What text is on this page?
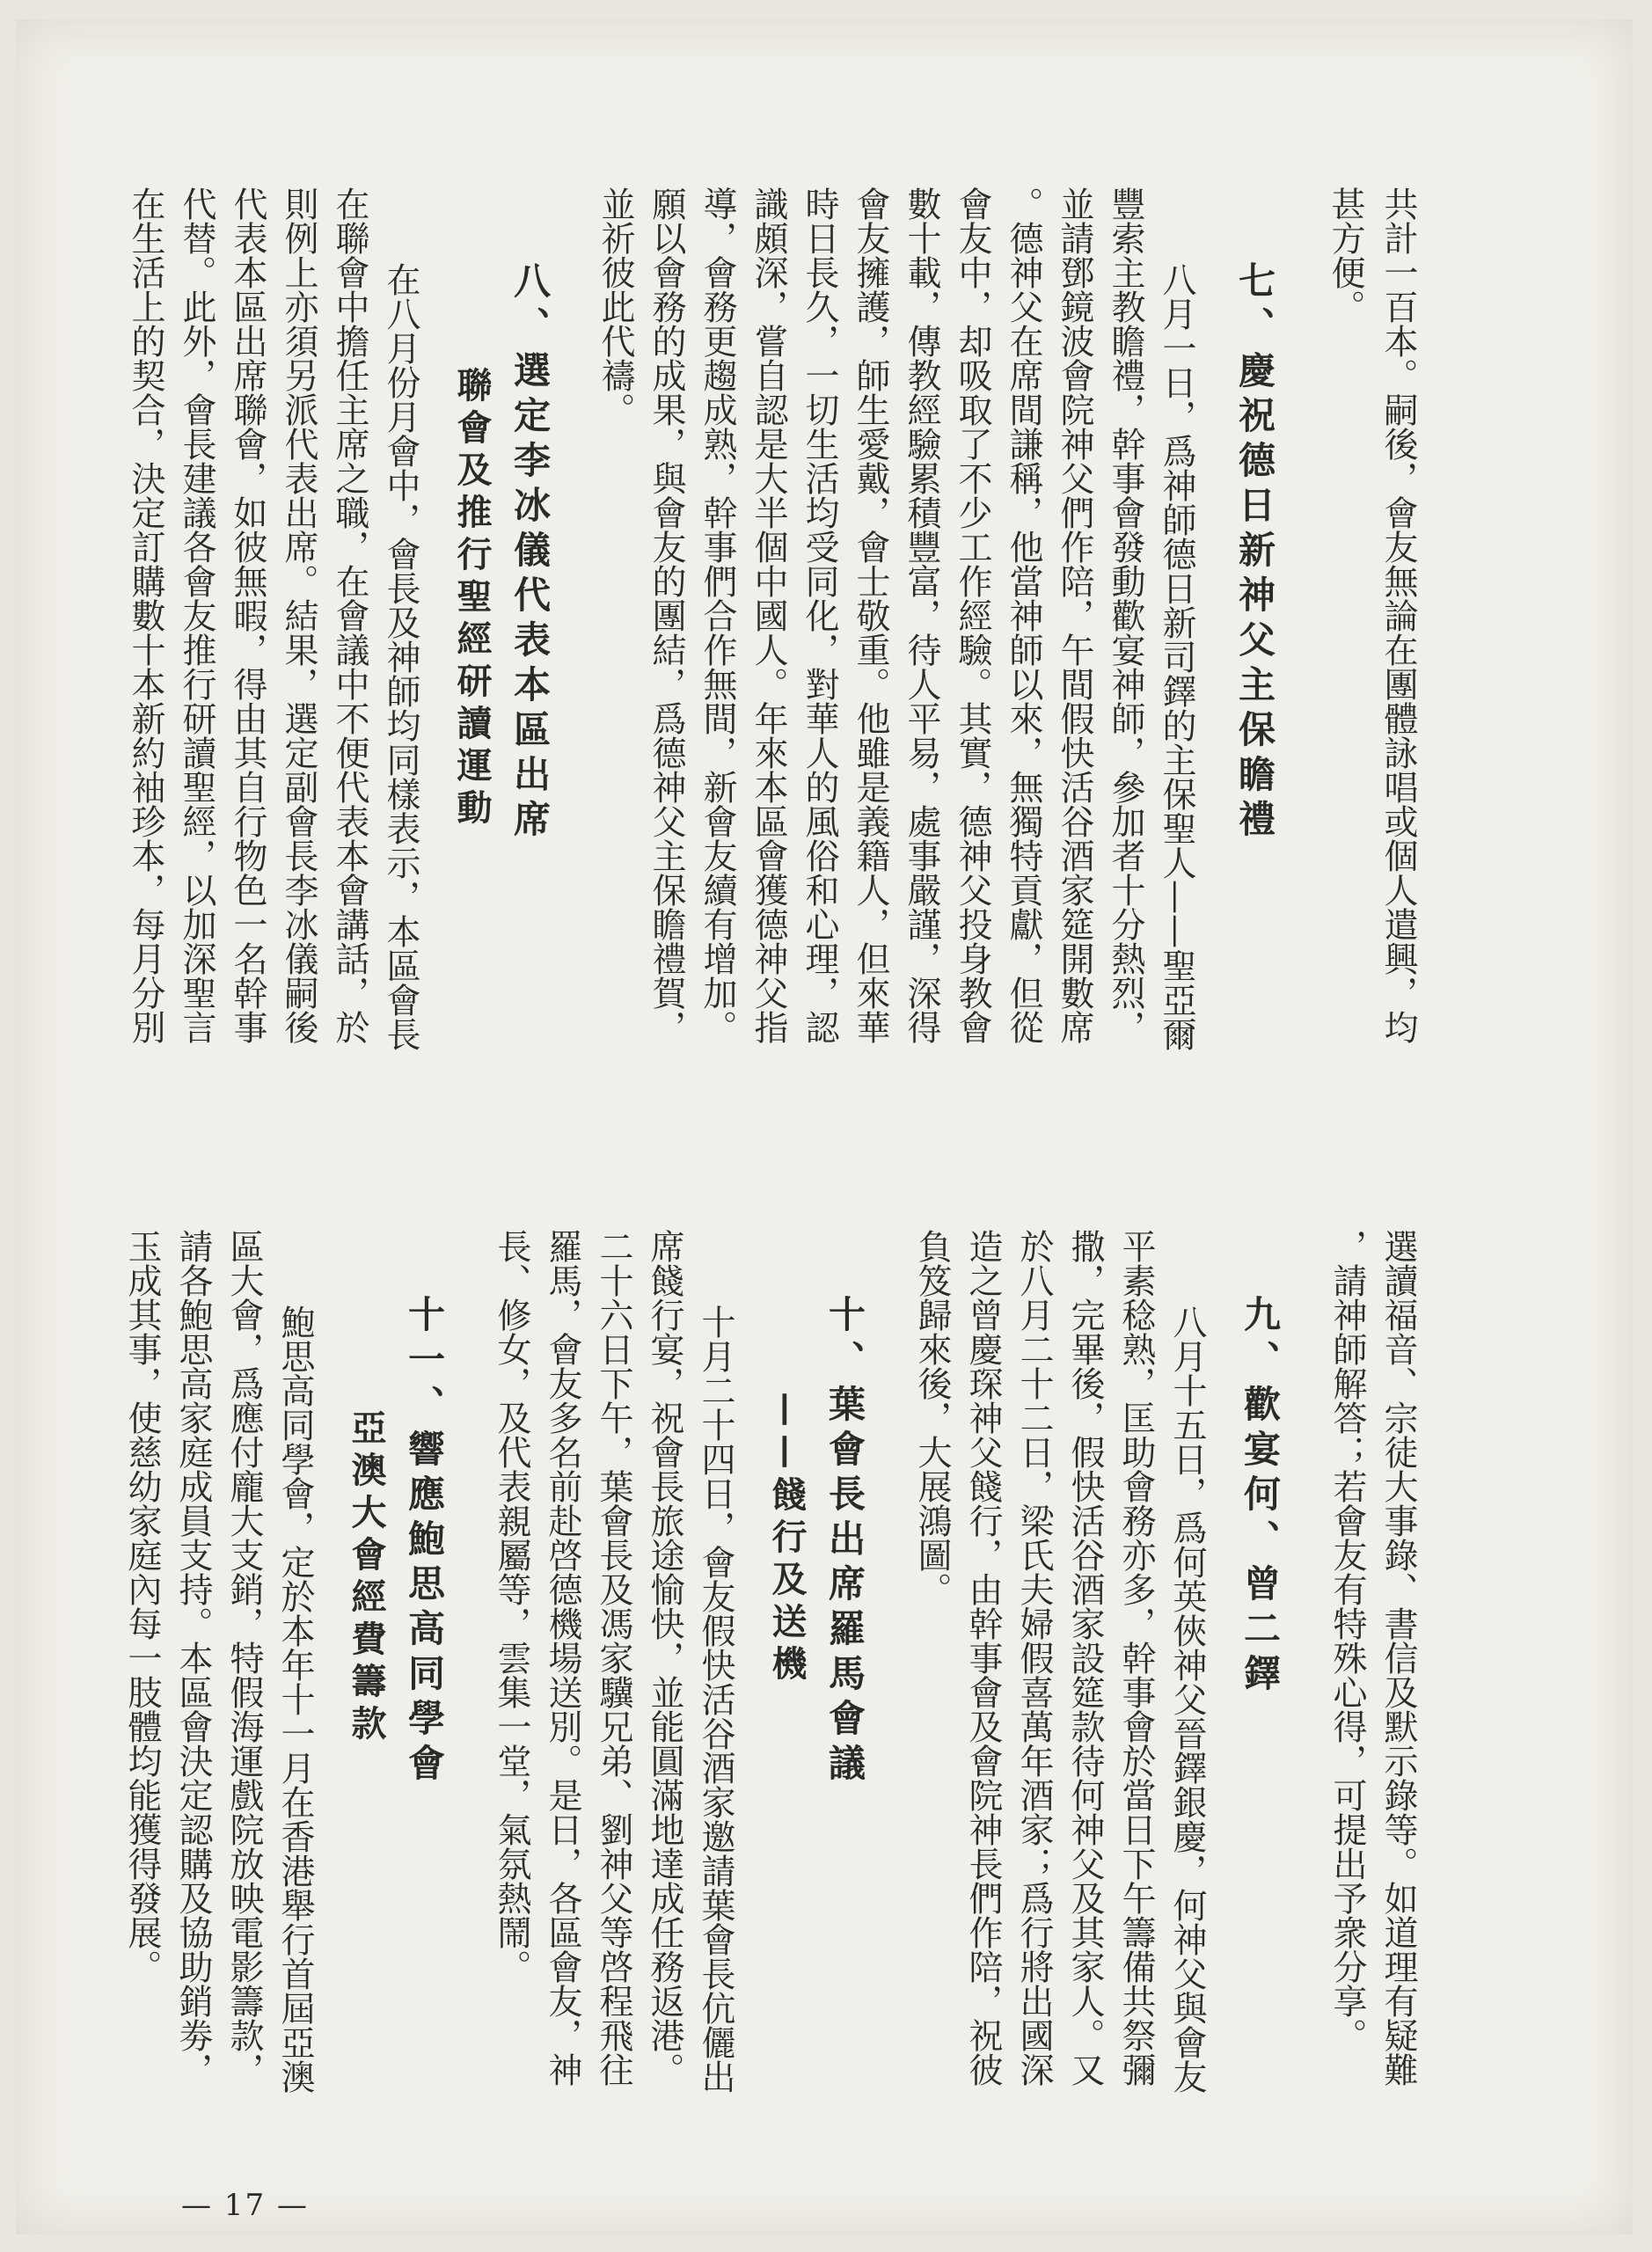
共計一百本。嗣後，會友無論在團體詠唱或個人遣興，均
甚方便。
七、慶祝德日新神父主保瞻禮
八月一日，爲神師德日新司鐸的主保聖人——聖亞爾
豐索主教瞻禮，幹事會發動歡宴神師，參加者十分熱烈，
並請鄧鏡波會院神父們作陪，午間假快活谷酒家筵開數席
。德神父在席間謙稱，他當神師以來，無獨特貢獻，但從
會友中，却吸取了不少工作經驗。其實，德神父投身教會
數十載，傳教經驗累積豐富，待人平易，處事嚴謹，深得
會友擁護，師生愛戴，會士敬重。他雖是義籍人，但來華
時日長久，一切生活均受同化，對華人的風俗和心理，認
識頗深，嘗自認是大半個中國人。年來本區會獲德神父指
導，會務更趨成熟，幹事們合作無間，新會友續有增加。
願以會務的成果，與會友的團結，爲德神父主保瞻禮賀，
並祈彼此代禱。
八、選定李冰儀代表本區出席
聯會及推行聖經研讀運動
在八月份月會中，會長及神師均同樣表示，本區會長
在聯會中擔任主席之職，在會議中不便代表本會講話，於
則例上亦須另派代表出席。結果，選定副會長李冰儀嗣後
代表本區出席聯會，如彼無暇，得由其自行物色一名幹事
代替。此外，會長建議各會友推行研讀聖經，以加深聖言
在生活上的契合，決定訂購數十本新約袖珍本，每月分別
選讀福音、宗徒大事錄、書信及默示錄等。如道理有疑難
，請神師解答；若會友有特殊心得，可提出予衆分享。
九、歡宴何、曾二鐸
八月十五日，爲何英俠神父晉鐸銀慶，何神父與會友
平素稔熟，匡助會務亦多，幹事會於當日下午籌備共祭彌
撒，完畢後，假快活谷酒家設筵款待何神父及其家人。又
於八月二十二日，梁氏夫婦假喜萬年酒家；爲行將出國深
造之曾慶琛神父餞行，由幹事會及會院神長們作陪，祝彼
負笈歸來後，大展鴻圖。
十、葉會長出席羅馬會議
——餞行及送機
十月二十四日，會友假快活谷酒家邀請葉會長伉儷出
席餞行宴，祝會長旅途愉快，並能圓滿地達成任務返港。
二十六日下午，葉會長及馮家驥兄弟、劉神父等啓程飛往
羅馬，會友多名前赴啓德機場送別。是日，各區會友，神
長、修女，及代表親屬等，雲集一堂，氣氛熱鬧。
十一、響應鮑思高同學會
亞澳大會經費籌款
鮑思高同學會，定於本年十一月在香港舉行首屆亞澳
區大會，爲應付龐大支銷，特假海運戲院放映電影籌款，
請各鮑思高家庭成員支持。本區會決定認購及協助銷劵，
玉成其事，使慈幼家庭內每一肢體均能獲得發展。
— 17 —
